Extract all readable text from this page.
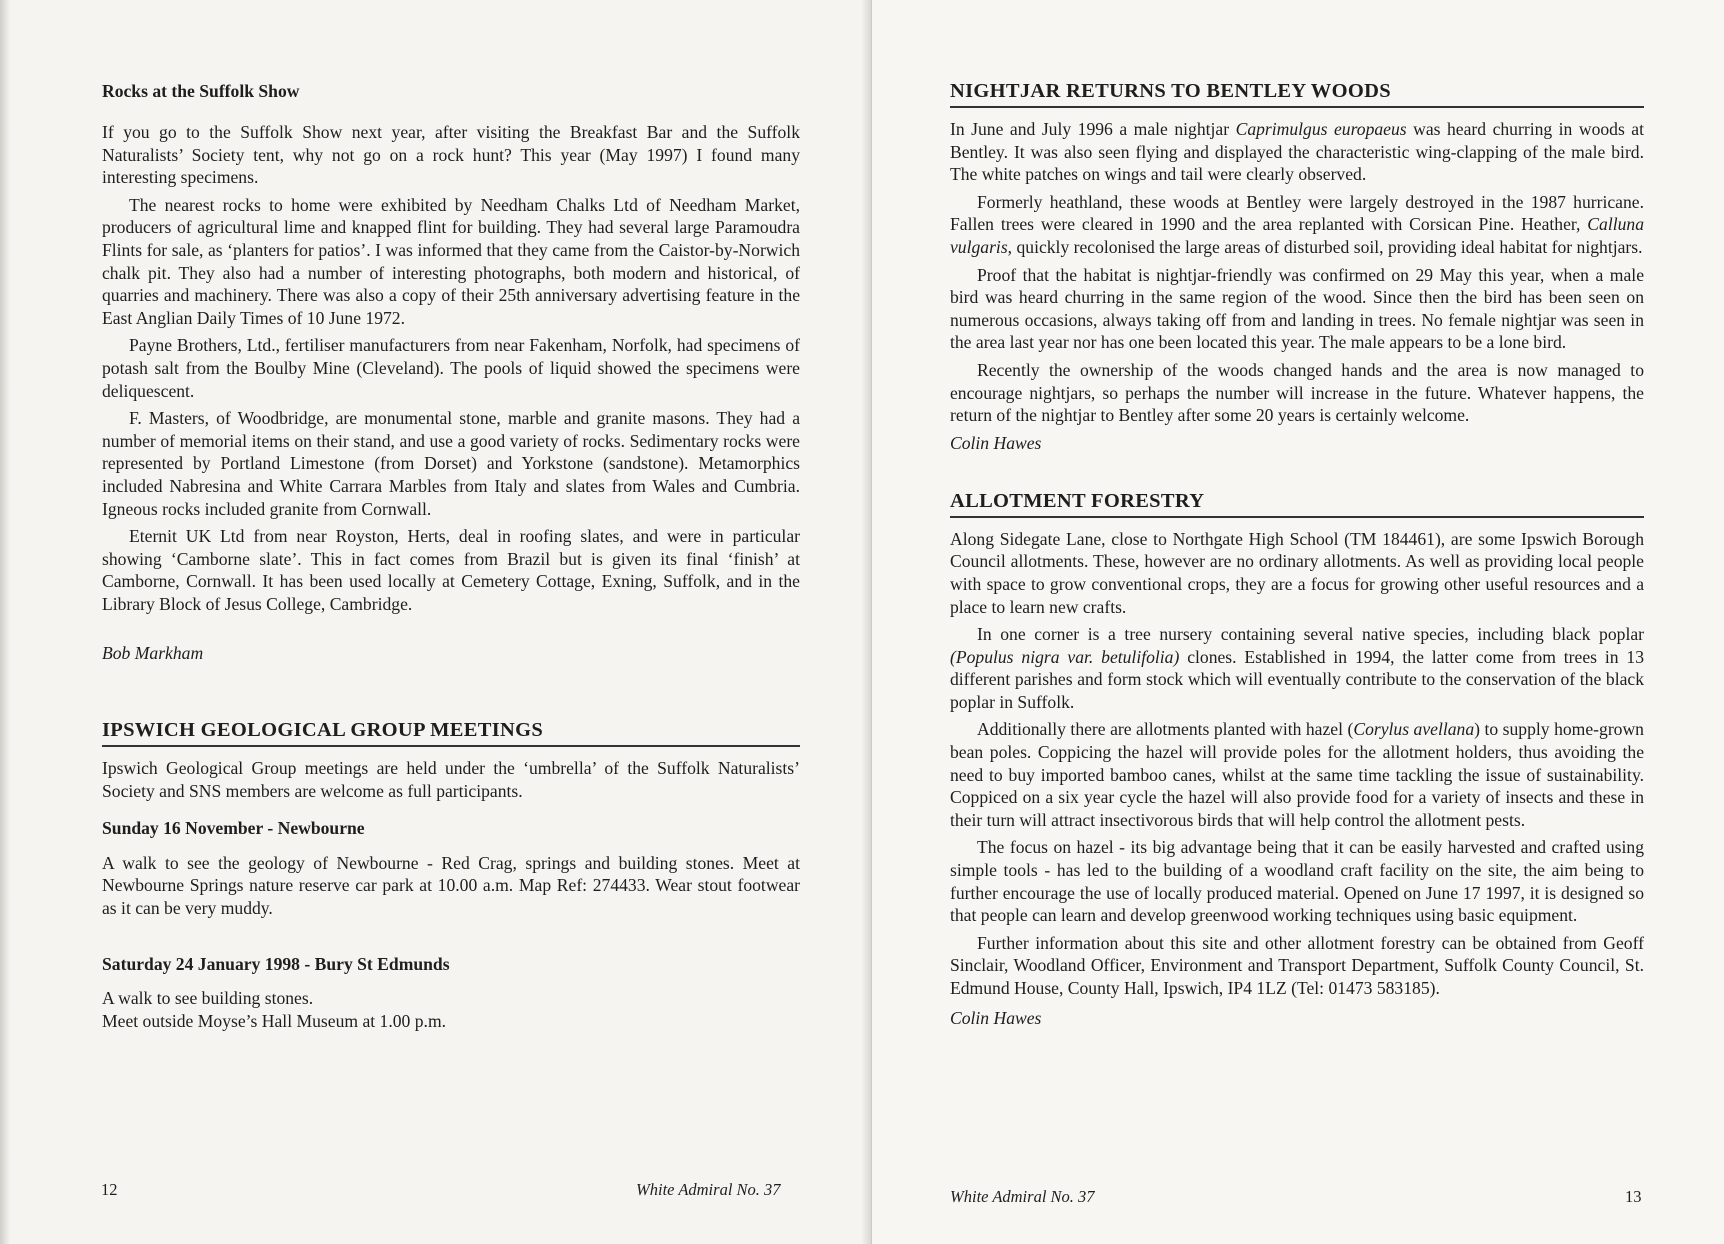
Rocks at the Suffolk Show

If you go to the Suffolk Show next year, after visiting the Breakfast Bar and the Suffolk Naturalists’ Society tent, why not go on a rock hunt? This year (May 1997) I found many interesting specimens.

The nearest rocks to home were exhibited by Needham Chalks Ltd of Needham Market, producers of agricultural lime and knapped flint for building. They had several large Paramoudra Flints for sale, as ‘planters for patios’. I was informed that they came from the Caistor-by-Norwich chalk pit. They also had a number of interesting photographs, both modern and historical, of quarries and machinery. There was also a copy of their 25th anniversary advertising feature in the East Anglian Daily Times of 10 June 1972.

Payne Brothers, Ltd., fertiliser manufacturers from near Fakenham, Norfolk, had specimens of potash salt from the Boulby Mine (Cleveland). The pools of liquid showed the specimens were deliquescent.

F. Masters, of Woodbridge, are monumental stone, marble and granite masons. They had a number of memorial items on their stand, and use a good variety of rocks. Sedimentary rocks were represented by Portland Limestone (from Dorset) and Yorkstone (sandstone). Metamorphics included Nabresina and White Carrara Marbles from Italy and slates from Wales and Cumbria. Igneous rocks included granite from Cornwall.

Eternit UK Ltd from near Royston, Herts, deal in roofing slates, and were in particular showing ‘Camborne slate’. This in fact comes from Brazil but is given its final ‘finish’ at Camborne, Cornwall. It has been used locally at Cemetery Cottage, Exning, Suffolk, and in the Library Block of Jesus College, Cambridge.

Bob Markham
IPSWICH GEOLOGICAL GROUP MEETINGS

Ipswich Geological Group meetings are held under the ‘umbrella’ of the Suffolk Naturalists’ Society and SNS members are welcome as full participants.

Sunday 16 November - Newbourne

A walk to see the geology of Newbourne - Red Crag, springs and building stones. Meet at Newbourne Springs nature reserve car park at 10.00 a.m. Map Ref: 274433. Wear stout footwear as it can be very muddy.

Saturday 24 January 1998 - Bury St Edmunds

A walk to see building stones.

Meet outside Moyse’s Hall Museum at 1.00 p.m.

12	White Admiral No. 37
NIGHTJAR RETURNS TO BENTLEY WOODS

In June and July 1996 a male nightjar Caprimulgus europaeus was heard churring in woods at Bentley. It was also seen flying and displayed the characteristic wing-clapping of the male bird. The white patches on wings and tail were clearly observed.

Formerly heathland, these woods at Bentley were largely destroyed in the 1987 hurricane. Fallen trees were cleared in 1990 and the area replanted with Corsican Pine. Heather, Calluna vulgaris, quickly recolonised the large areas of disturbed soil, providing ideal habitat for nightjars.

Proof that the habitat is nightjar-friendly was confirmed on 29 May this year, when a male bird was heard churring in the same region of the wood. Since then the bird has been seen on numerous occasions, always taking off from and landing in trees. No female nightjar was seen in the area last year nor has one been located this year. The male appears to be a lone bird.

Recently the ownership of the woods changed hands and the area is now managed to encourage nightjars, so perhaps the number will increase in the future. Whatever happens, the return of the nightjar to Bentley after some 20 years is certainly welcome.

Colin Hawes
ALLOTMENT FORESTRY

Along Sidegate Lane, close to Northgate High School (TM 184461), are some Ipswich Borough Council allotments. These, however are no ordinary allotments. As well as providing local people with space to grow conventional crops, they are a focus for growing other useful resources and a place to learn new crafts.

In one corner is a tree nursery containing several native species, including black poplar (Populus nigra var. betulifolia) clones. Established in 1994, the latter come from trees in 13 different parishes and form stock which will eventually contribute to the conservation of the black poplar in Suffolk.

Additionally there are allotments planted with hazel (Corylus avellana) to supply home-grown bean poles. Coppicing the hazel will provide poles for the allotment holders, thus avoiding the need to buy imported bamboo canes, whilst at the same time tackling the issue of sustainability. Coppiced on a six year cycle the hazel will also provide food for a variety of insects and these in their turn will attract insectivorous birds that will help control the allotment pests.

The focus on hazel - its big advantage being that it can be easily harvested and crafted using simple tools - has led to the building of a woodland craft facility on the site, the aim being to further encourage the use of locally produced material. Opened on June 17 1997, it is designed so that people can learn and develop greenwood working techniques using basic equipment.

Further information about this site and other allotment forestry can be obtained from Geoff Sinclair, Woodland Officer, Environment and Transport Department, Suffolk County Council, St. Edmund House, County Hall, Ipswich, IP4 1LZ (Tel: 01473 583185).

Colin Hawes
White Admiral No. 37	13
